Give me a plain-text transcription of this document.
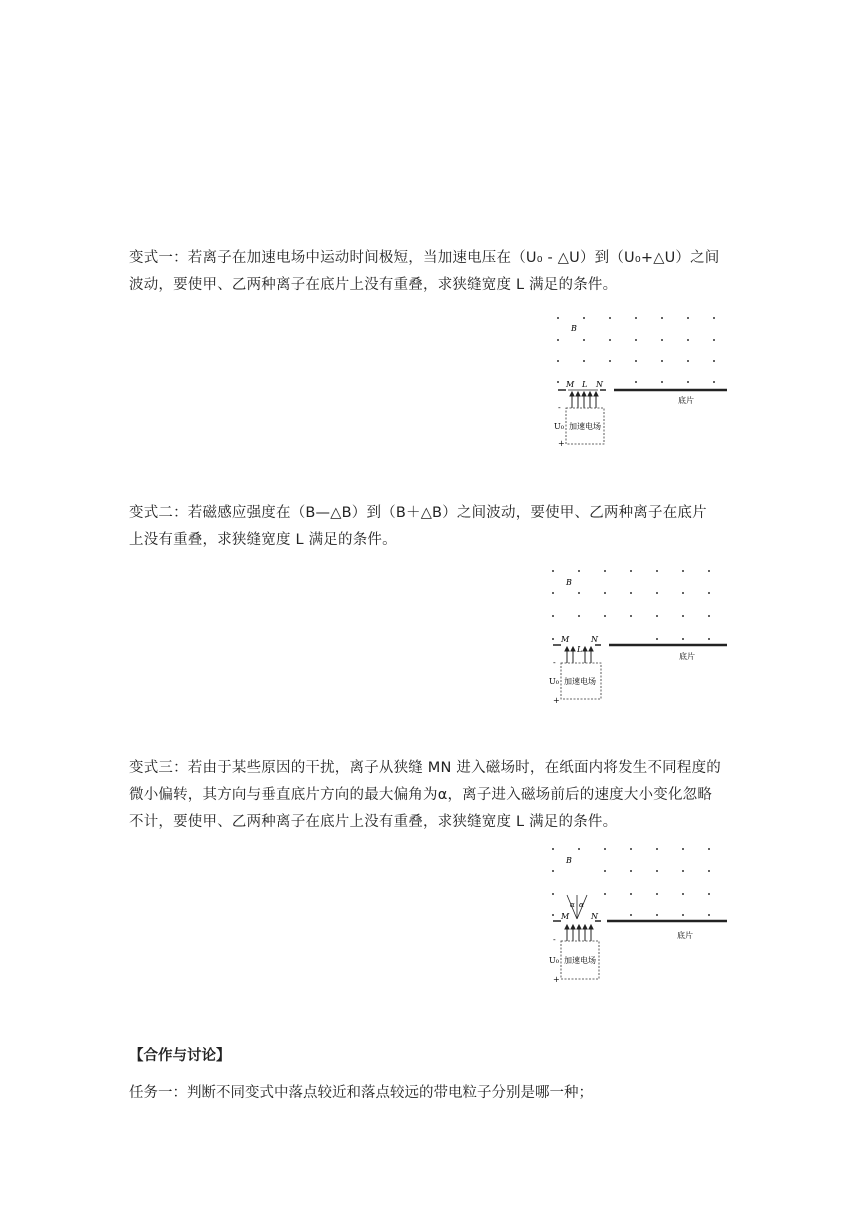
变式一：若离子在加速电场中运动时间极短，当加速电压在（U₀ - △U）到（U₀+△U）之间
波动，要使甲、乙两种离子在底片上没有重叠，求狭缝宽度 L 满足的条件。

B
M L N
加速电场
-
U₀
+
底片

变式二：若磁感应强度在（B—△B）到（B＋△B）之间波动，要使甲、乙两种离子在底片
上没有重叠，求狭缝宽度 L 满足的条件。

B
M
L
N
加速电场
-
U₀
+
底片

变式三：若由于某些原因的干扰，离子从狭缝 MN 进入磁场时，在纸面内将发生不同程度的
微小偏转，其方向与垂直底片方向的最大偏角为α，离子进入磁场前后的速度大小变化忽略
不计，要使甲、乙两种离子在底片上没有重叠，求狭缝宽度 L 满足的条件。

B
α α
M	N
加速电场
-
U₀
+
底片
【合作与讨论】
任务一：判断不同变式中落点较近和落点较远的带电粒子分别是哪一种；
